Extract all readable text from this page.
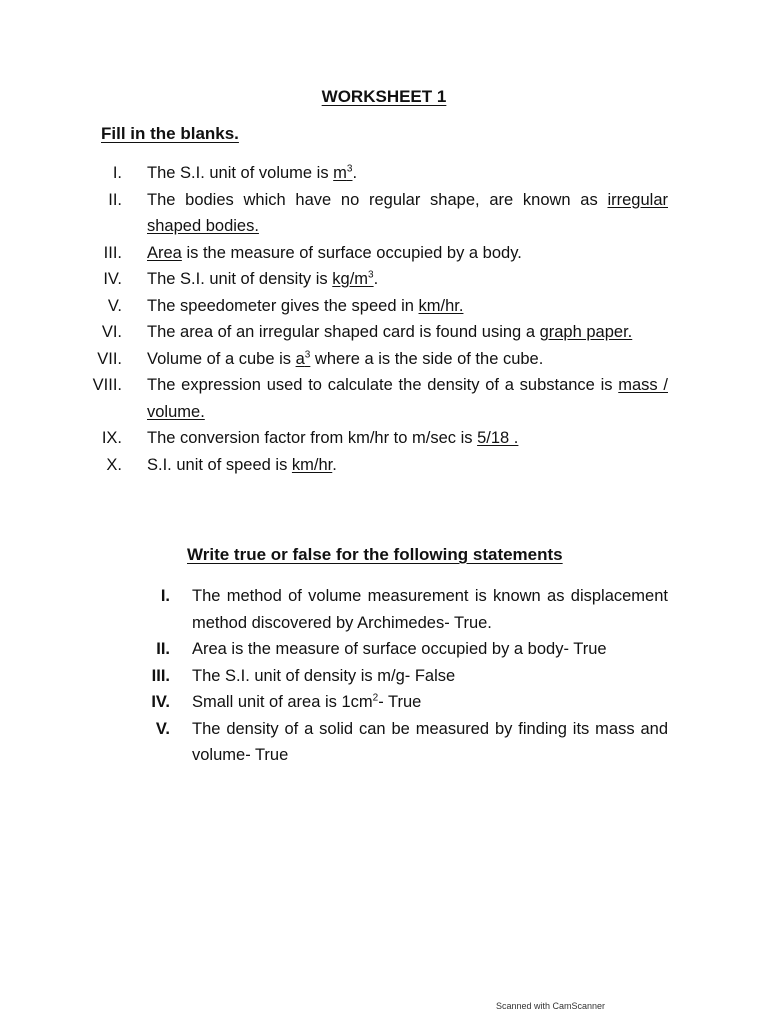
WORKSHEET 1
Fill in the blanks.
I. The S.I. unit of volume is $m^3$.
II. The bodies which have no regular shape, are known as irregular shaped bodies.
III. Area is the measure of surface occupied by a body.
IV. The S.I. unit of density is $kg/m^3$.
V. The speedometer gives the speed in km/hr.
VI. The area of an irregular shaped card is found using a graph paper.
VII. Volume of a cube is $a^3$ where a is the side of the cube.
VIII. The expression used to calculate the density of a substance is mass / volume.
IX. The conversion factor from km/hr to m/sec is 5/18 .
X. S.I. unit of speed is km/hr.
Write true or false for the following statements
I. The method of volume measurement is known as displacement method discovered by Archimedes- True.
II. Area is the measure of surface occupied by a body- True
III. The S.I. unit of density is m/g- False
IV. Small unit of area is $1cm^2-$ True
V. The density of a solid can be measured by finding its mass and volume- True
Scanned with CamScanner
